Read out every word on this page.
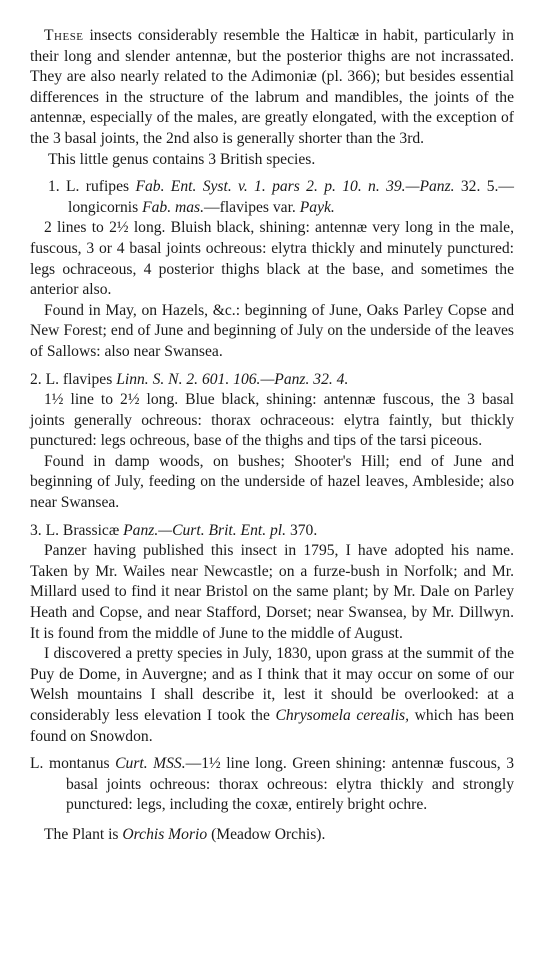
These insects considerably resemble the Halticæ in habit, particularly in their long and slender antennæ, but the posterior thighs are not incrassated. They are also nearly related to the Adimoniæ (pl. 366); but besides essential differences in the structure of the labrum and mandibles, the joints of the antennæ, especially of the males, are greatly elongated, with the exception of the 3 basal joints, the 2nd also is generally shorter than the 3rd.

This little genus contains 3 British species.

1. L. rufipes Fab. Ent. Syst. v. 1. pars 2. p. 10. n. 39.—Panz. 32. 5.—longicornis Fab. mas.—flavipes var. Payk.

2 lines to 2½ long. Bluish black, shining: antennæ very long in the male, fuscous, 3 or 4 basal joints ochreous: elytra thickly and minutely punctured: legs ochraceous, 4 posterior thighs black at the base, and sometimes the anterior also.

Found in May, on Hazels, &c.: beginning of June, Oaks Parley Copse and New Forest; end of June and beginning of July on the underside of the leaves of Sallows: also near Swansea.

2. L. flavipes Linn. S. N. 2. 601. 106.—Panz. 32. 4.

1½ line to 2½ long. Blue black, shining: antennæ fuscous, the 3 basal joints generally ochreous: thorax ochraceous: elytra faintly, but thickly punctured: legs ochreous, base of the thighs and tips of the tarsi piceous.

Found in damp woods, on bushes; Shooter's Hill; end of June and beginning of July, feeding on the underside of hazel leaves, Ambleside; also near Swansea.

3. L. Brassicæ Panz.—Curt. Brit. Ent. pl. 370.

Panzer having published this insect in 1795, I have adopted his name. Taken by Mr. Wailes near Newcastle; on a furze-bush in Norfolk; and Mr. Millard used to find it near Bristol on the same plant; by Mr. Dale on Parley Heath and Copse, and near Stafford, Dorset; near Swansea, by Mr. Dillwyn. It is found from the middle of June to the middle of August.

I discovered a pretty species in July, 1830, upon grass at the summit of the Puy de Dome, in Auvergne; and as I think that it may occur on some of our Welsh mountains I shall describe it, lest it should be overlooked: at a considerably less elevation I took the Chrysomela cerealis, which has been found on Snowdon.

L. montanus Curt. MSS.—1½ line long. Green shining: antennæ fuscous, 3 basal joints ochreous: thorax ochreous: elytra thickly and strongly punctured: legs, including the coxæ, entirely bright ochre.

The Plant is Orchis Morio (Meadow Orchis).
